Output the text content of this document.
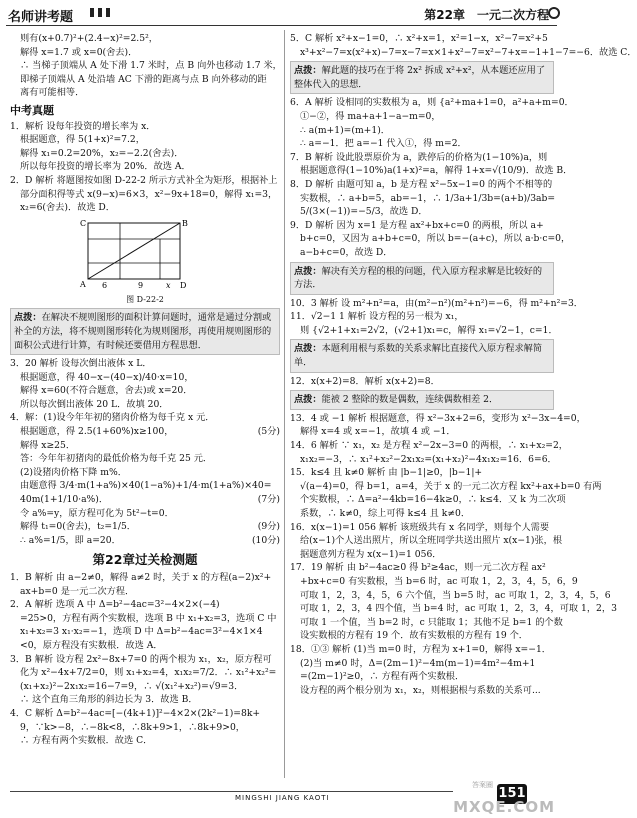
名师讲考题	第22章　一元二次方程
则有(x+0.7)²+(2.4−x)²=2.5²，
解得 x=1.7 或 x=0(舍去)．
∴ 当梯子顶端从 A 处下滑 1.7 米时，点 B 向外也移动 1.7 米，
即梯子顶端从 A 处沿墙 AC 下滑的距离与点 B 向外移动的距
离有可能相等．
中考真题
1．解析 设每年投资的增长率为 x．
根据题意，得 5(1+x)²=7.2，
解得 x₁=0.2=20%，x₂=−2.2(舍去)．
所以每年投资的增长率为 20%．故选 A．
2．D 解析 将题图按如图 D-22-2 所示方式补全为矩形，根据补上
部分面积得等式 x(9−x)=6×3，x²−9x+18=0，解得 x₁=3，
x₂=6(舍去)．故选 D．
C	B
A 6	9	x D
图 D-22-2
点拨：在解决不规则图形的面积计算问题时，通常是通过分割或补全的方法，将不规则图形转化为规则图形，再使用规则图形的面积公式进行计算，有时候还要借用方程思想．
3．20 解析 设每次倒出液体 x L．
根据题意，得 40−x−(40−x)/40·x=10，
解得 x=60(不符合题意，舍去)或 x=20．
所以每次倒出液体 20 L．故填 20．
4．解：(1)设今年年初的猪肉价格为每千克 x 元．
根据题意，得 2.5(1+60%)x≥100，	(5分)
解得 x≥25．
答：今年年初猪肉的最低价格为每千克 25 元．
(2)设猪肉价格下降 m%．
由题意得 3/4·m(1+a%)×40(1−a%)+1/4·m(1+a%)×40=
40m(1+1/10·a%)．	(7分)
令 a%=y，原方程可化为 5t²−t=0．
解得 t₁=0(舍去)，t₂=1/5．	(9分)
∴ a%=1/5，即 a=20．	(10分)
第22章过关检测题
1．B 解析 由 a−2≠0，解得 a≠2 时，关于 x 的方程(a−2)x²+
ax+b=0 是一元二次方程．
2．A 解析 选项 A 中 Δ=b²−4ac=3²−4×2×(−4)
=25>0，方程有两个实数根，选项 B 中 x₁+x₂=3，选项 C 中
x₁+x₂=3 x₁·x₂=−1，选项 D 中 Δ=b²−4ac=3²−4×1×4
<0，原方程没有实数根．故选 A．
3．B 解析 设方程 2x²−8x+7=0 的两个根为 x₁，x₂，原方程可
化为 x²−4x+7/2=0，则 x₁+x₂=4，x₁x₂=7/2．∴ x₁²+x₂²=
(x₁+x₂)²−2x₁x₂=16−7=9，∴ √(x₁²+x₂²)=√9=3．
∴ 这个直角三角形的斜边长为 3．故选 B．
4．C 解析 Δ=b²−4ac=[−(4k+1)]²−4×2×(2k²−1)=8k+
9，∵k>−8，∴−8k<8，∴8k+9>1，∴8k+9>0，
∴ 方程有两个实数根．故选 C．
5．C 解析 x²+x−1=0，∴ x²+x=1，x²=1−x，x²−7=x²+5
x³+x²−7=x(x²+x)−7=x−7=x×1+x²−7=x²−7+x=−1+1−7=−6．故选 C．
点拨：解此题的技巧在于将 2x² 拆成 x²+x²，从本题还应用了整体代入的思想．
6．A 解析 设相同的实数根为 a，则 {a²+ma+1=0，a²+a+m=0．
①−②，得 ma+a+1−a−m=0，
∴ a(m+1)=(m+1)．
∴ a=−1．把 a=−1 代入①，得 m=2．
7．B 解析 设此股票原价为 a，跌停后的价格为(1−10%)a，则
根据题意得(1−10%)a(1+x)²=a，解得 1+x=√(10/9)．故选 B．
8．D 解析 由题可知 a，b 是方程 x²−5x−1=0 的两个不相等的
实数根，∴ a+b=5，ab=−1，∴ 1/3a+1/3b=(a+b)/3ab=
5/(3×(−1))=−5/3，故选 D．
9．D 解析 因为 x=1 是方程 ax²+bx+c=0 的两根，所以 a+
b+c=0，又因为 a+b+c=0，所以 b=−(a+c)，所以 a·b·c=0，
a−b+c=0，故选 D．
点拨：解决有关方程的根的问题，代入原方程求解是比较好的方法．
10．3 解析 设 m²+n²=a，由(m²−n²)(m²+n²)=−6，得 m²+n²=3．
11．√2−1 1 解析 设方程的另一根为 x₁，
则 {√2+1+x₁=2√2，(√2+1)x₁=c，解得 x₁=√2−1，c=1．
点拨：本题利用根与系数的关系求解比直接代入原方程求解简单．
12．x(x+2)=8．解析 x(x+2)=8．
点拨：能被 2 整除的数是偶数，连续偶数相差 2．
13．4 或 −1 解析 根据题意，得 x²−3x+2=6，变形为 x²−3x−4=0，
解得 x=4 或 x=−1，故填 4 或 −1．
14．6 解析 ∵ x₁，x₂ 是方程 x²−2x−3=0 的两根，∴ x₁+x₂=2，
x₁x₂=−3，∴ x₁²+x₂²−2x₁x₂=(x₁+x₂)²−4x₁x₂=16．6=6．
15．k≤4 且 k≠0 解析 由 |b−1|≥0，|b−1|+
√(a−4)=0，得 b=1，a=4，关于 x 的一元二次方程 kx²+ax+b=0 有两
个实数根，∴ Δ=a²−4kb=16−4k≥0，∴ k≤4．又 k 为二次项
系数，∴ k≠0，综上可得 k≤4 且 k≠0．
16．x(x−1)=1 056 解析 该班级共有 x 名同学，则每个人需要
给(x−1)个人送出照片，所以全班同学共送出照片 x(x−1)张，根
据题意列方程为 x(x−1)=1 056．
17．19 解析 由 b²−4ac≥0 得 b²≥4ac，则一元二次方程 ax²
+bx+c=0 有实数根，当 b=6 时，ac 可取 1，2，3，4，5，6，9
可取 1，2，3，4，5，6 六个值，当 b=5 时，ac 可取 1，2，3，4，5，6
可取 1，2，3，4 四个值，当 b=4 时，ac 可取 1，2，3，4，可取 1，2，3
可取 1 一个值，当 b=2 时，c 只能取 1；其他不足 b=1 的个数
设实数根的方程有 19 个．故有实数根的方程有 19 个．
18．①③ 解析 (1)当 m=0 时，方程为 x+1=0，解得 x=−1．
(2)当 m≠0 时，Δ=(2m−1)²−4m(m−1)=4m²−4m+1
=(2m−1)²≥0，∴ 方程有两个实数根．
设方程的两个根分别为 x₁，x₂，则根据根与系数的关系可...
MINGSHI JIANG KAOTI
答案圈
151
MXQE.COM
